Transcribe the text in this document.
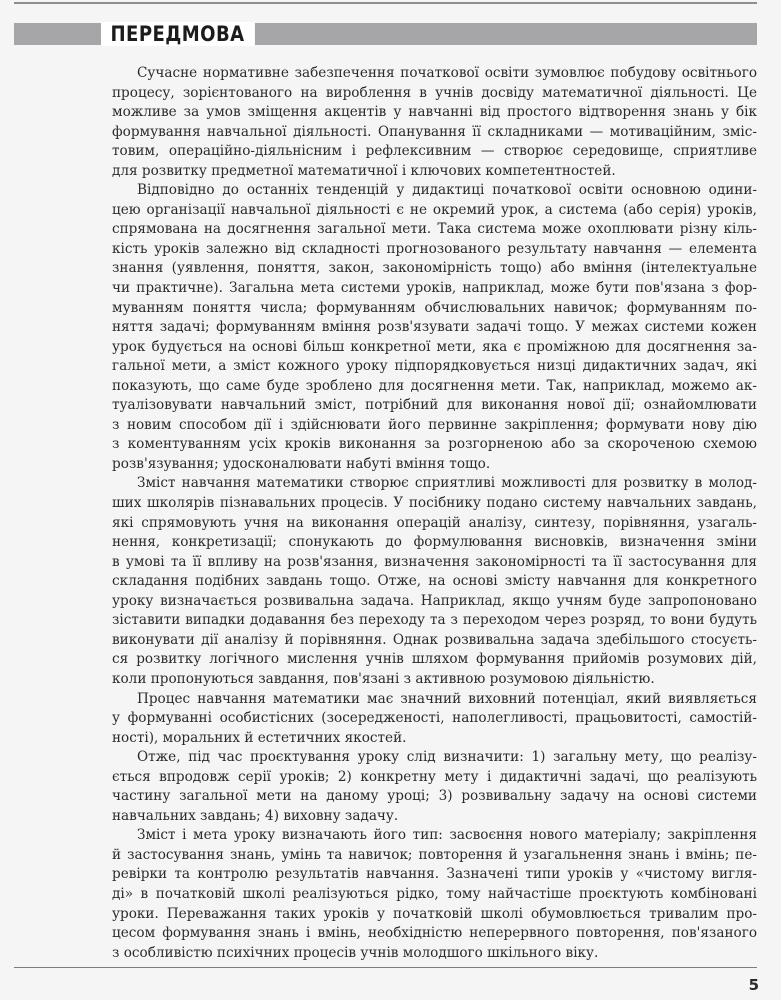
ПЕРЕДМОВА
Сучасне нормативне забезпечення початкової освіти зумовлює побудову освітнього
процесу, зорієнтованого на вироблення в учнів досвіду математичної діяльності. Це
можливе за умов зміщення акцентів у навчанні від простого відтворення знань у бік
формування навчальної діяльності. Опанування її складниками — мотиваційним, зміс-
товим, операційно-діяльнісним і рефлексивним — створює середовище, сприятливе
для розвитку предметної математичної і ключових компетентностей.
Відповідно до останніх тенденцій у дидактиці початкової освіти основною одини-
цею організації навчальної діяльності є не окремий урок, а система (або серія) уроків,
спрямована на досягнення загальної мети. Така система може охоплювати різну кіль-
кість уроків залежно від складності прогнозованого результату навчання — елемента
знання (уявлення, поняття, закон, закономірність тощо) або вміння (інтелектуальне
чи практичне). Загальна мета системи уроків, наприклад, може бути пов'язана з фор-
муванням поняття числа; формуванням обчислювальних навичок; формуванням по-
няття задачі; формуванням вміння розв'язувати задачі тощо. У межах системи кожен
урок будується на основі більш конкретної мети, яка є проміжною для досягнення за-
гальної мети, а зміст кожного уроку підпорядковується низці дидактичних задач, які
показують, що саме буде зроблено для досягнення мети. Так, наприклад, можемо ак-
туалізовувати навчальний зміст, потрібний для виконання нової дії; ознайомлювати
з новим способом дії і здійснювати його первинне закріплення; формувати нову дію
з коментуванням усіх кроків виконання за розгорненою або за скороченою схемою
розв'язування; удосконалювати набуті вміння тощо.
Зміст навчання математики створює сприятливі можливості для розвитку в молод-
ших школярів пізнавальних процесів. У посібнику подано систему навчальних завдань,
які спрямовують учня на виконання операцій аналізу, синтезу, порівняння, узагаль-
нення, конкретизації; спонукають до формулювання висновків, визначення зміни
в умові та її впливу на розв'язання, визначення закономірності та її застосування для
складання подібних завдань тощо. Отже, на основі змісту навчання для конкретного
уроку визначається розвивальна задача. Наприклад, якщо учням буде запропоновано
зіставити випадки додавання без переходу та з переходом через розряд, то вони будуть
виконувати дії аналізу й порівняння. Однак розвивальна задача здебільшого стосуєть-
ся розвитку логічного мислення учнів шляхом формування прийомів розумових дій,
коли пропонуються завдання, пов'язані з активною розумовою діяльністю.
Процес навчання математики має значний виховний потенціал, який виявляється
у формуванні особистісних (зосередженості, наполегливості, працьовитості, самостій-
ності), моральних й естетичних якостей.
Отже, під час проєктування уроку слід визначити: 1) загальну мету, що реалізу-
ється впродовж серії уроків; 2) конкретну мету і дидактичні задачі, що реалізують
частину загальної мети на даному уроці; 3) розвивальну задачу на основі системи
навчальних завдань; 4) виховну задачу.
Зміст і мета уроку визначають його тип: засвоєння нового матеріалу; закріплення
й застосування знань, умінь та навичок; повторення й узагальнення знань і вмінь; пе-
ревірки та контролю результатів навчання. Зазначені типи уроків у «чистому вигля-
ді» в початковій школі реалізуються рідко, тому найчастіше проєктують комбіновані
уроки. Переважання таких уроків у початковій школі обумовлюється тривалим про-
цесом формування знань і вмінь, необхідністю неперервного повторення, пов'язаного
з особливістю психічних процесів учнів молодшого шкільного віку.
5
